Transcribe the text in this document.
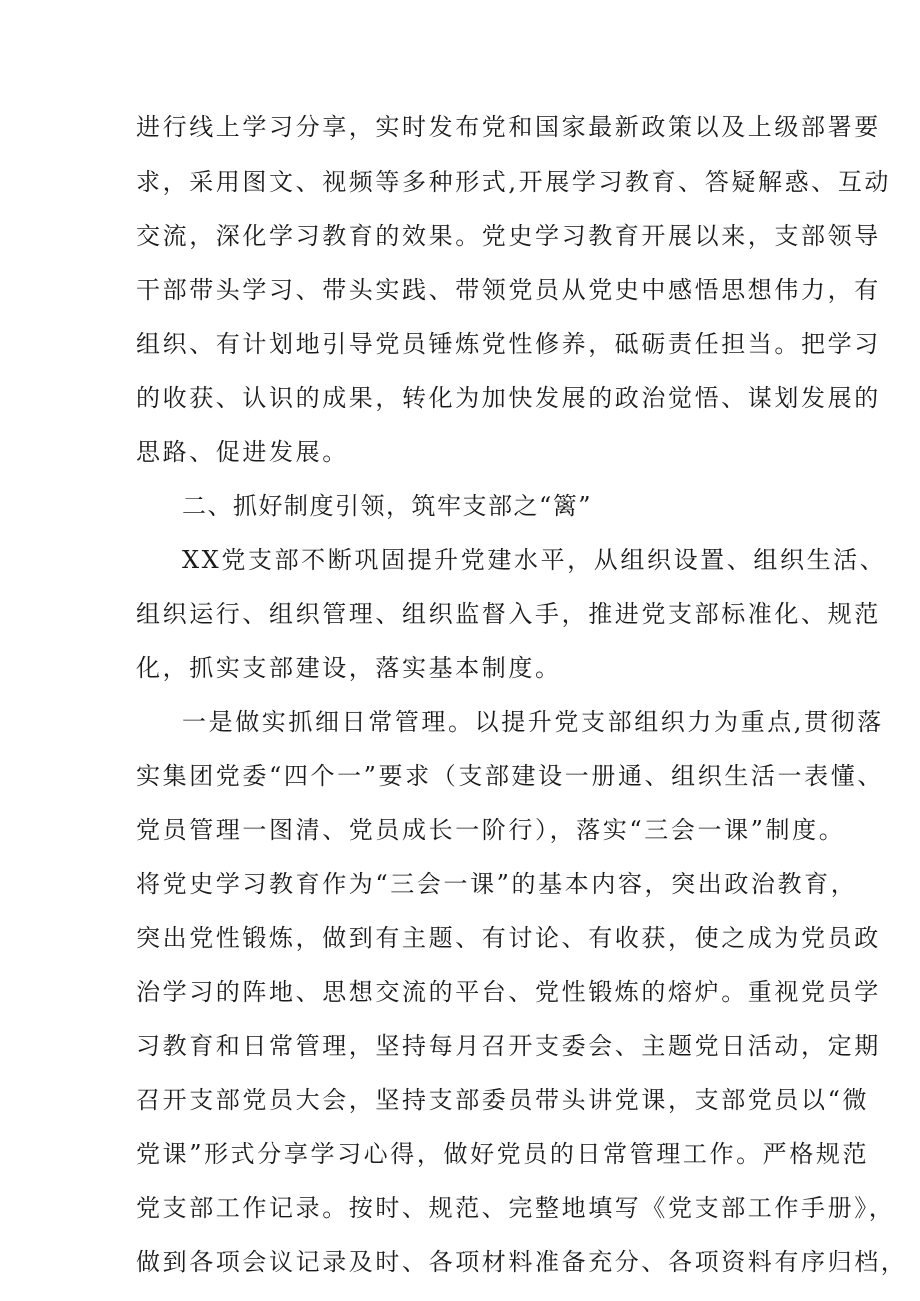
进行线上学习分享，实时发布党和国家最新政策以及上级部署要
求，采用图文、视频等多种形式,开展学习教育、答疑解惑、互动
交流，深化学习教育的效果。党史学习教育开展以来，支部领导
干部带头学习、带头实践、带领党员从党史中感悟思想伟力，有
组织、有计划地引导党员锤炼党性修养，砥砺责任担当。把学习
的收获、认识的成果，转化为加快发展的政治觉悟、谋划发展的
思路、促进发展。
二、抓好制度引领，筑牢支部之“篱”
XX党支部不断巩固提升党建水平，从组织设置、组织生活、
组织运行、组织管理、组织监督入手，推进党支部标准化、规范
化，抓实支部建设，落实基本制度。
一是做实抓细日常管理。以提升党支部组织力为重点,贯彻落
实集团党委“四个一”要求（支部建设一册通、组织生活一表懂、
党员管理一图清、党员成长一阶行），落实“三会一课”制度。
将党史学习教育作为“三会一课”的基本内容，突出政治教育，
突出党性锻炼，做到有主题、有讨论、有收获，使之成为党员政
治学习的阵地、思想交流的平台、党性锻炼的熔炉。重视党员学
习教育和日常管理，坚持每月召开支委会、主题党日活动，定期
召开支部党员大会，坚持支部委员带头讲党课，支部党员以“微
党课”形式分享学习心得，做好党员的日常管理工作。严格规范
党支部工作记录。按时、规范、完整地填写《党支部工作手册》，
做到各项会议记录及时、各项材料准备充分、各项资料有序归档，
